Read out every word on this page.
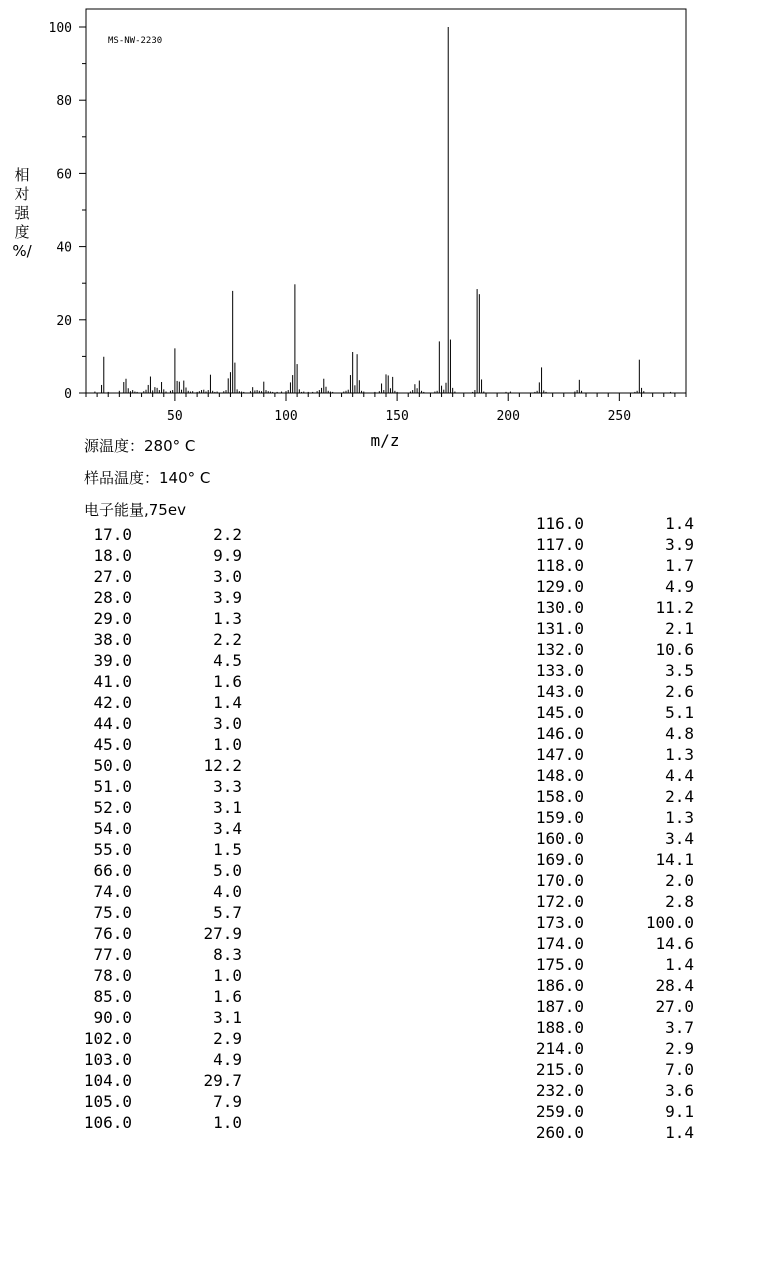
相
对
强
度
%/
0
20
40
60
80
100
50	100	150	200	250
MS-NW-2230
m/z
源温度：280° C
样品温度：140° C
电子能量,75ev
17.0	2.2
18.0	9.9
27.0	3.0
28.0	3.9
29.0	1.3
38.0	2.2
39.0	4.5
41.0	1.6
42.0	1.4
44.0	3.0
45.0	1.0
50.0	12.2
51.0	3.3
52.0	3.1
54.0	3.4
55.0	1.5
66.0	5.0
74.0	4.0
75.0	5.7
76.0	27.9
77.0	8.3
78.0	1.0
85.0	1.6
90.0	3.1
102.0	2.9
103.0	4.9
104.0	29.7
105.0	7.9
106.0	1.0
116.0	1.4
117.0	3.9
118.0	1.7
129.0	4.9
130.0	11.2
131.0	2.1
132.0	10.6
133.0	3.5
143.0	2.6
145.0	5.1
146.0	4.8
147.0	1.3
148.0	4.4
158.0	2.4
159.0	1.3
160.0	3.4
169.0	14.1
170.0	2.0
172.0	2.8
173.0	100.0
174.0	14.6
175.0	1.4
186.0	28.4
187.0	27.0
188.0	3.7
214.0	2.9
215.0	7.0
232.0	3.6
259.0	9.1
260.0	1.4
